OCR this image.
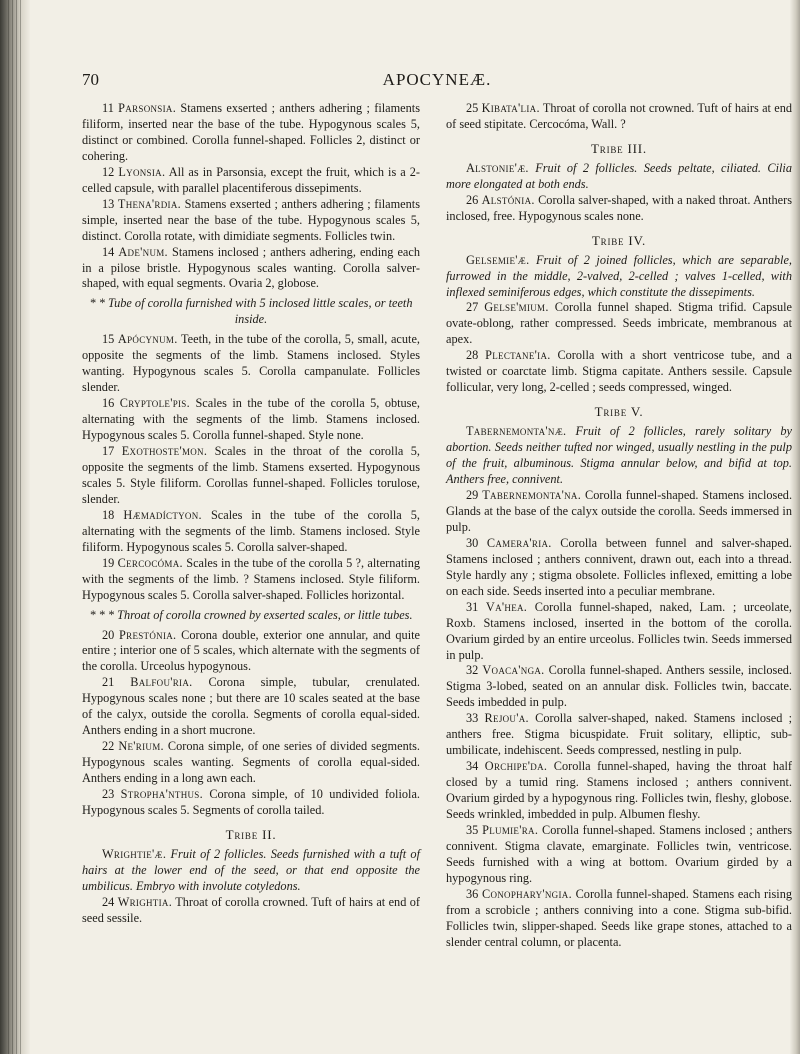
70	APOCYNEÆ.

11 Parsonsia. Stamens exserted ; anthers adhering ; filaments filiform, inserted near the base of the tube. Hypogynous scales 5, distinct or combined. Corolla funnel-shaped. Follicles 2, distinct or cohering.

12 Lyonsia. All as in Parsonsia, except the fruit, which is a 2-celled capsule, with parallel placentiferous dissepiments.

13 Thena'rdia. Stamens exserted ; anthers adhering ; filaments simple, inserted near the base of the tube. Hypogynous scales 5, distinct. Corolla rotate, with dimidiate segments. Follicles twin.

14 Ade'num. Stamens inclosed ; anthers adhering, ending each in a pilose bristle. Hypogynous scales wanting. Corolla salver-shaped, with equal segments. Ovaria 2, globose.

* * Tube of corolla furnished with 5 inclosed little scales, or teeth inside.

15 Apócynum. Teeth, in the tube of the corolla, 5, small, acute, opposite the segments of the limb. Stamens inclosed. Styles wanting. Hypogynous scales 5. Corolla campanulate. Follicles slender.

16 Cryptole'pis. Scales in the tube of the corolla 5, obtuse, alternating with the segments of the limb. Stamens inclosed. Hypogynous scales 5. Corolla funnel-shaped. Style none.

17 Exothoste'mon. Scales in the throat of the corolla 5, opposite the segments of the limb. Stamens exserted. Hypogynous scales 5. Style filiform. Corollas funnel-shaped. Follicles torulose, slender.

18 Hæmadíctyon. Scales in the tube of the corolla 5, alternating with the segments of the limb. Stamens inclosed. Style filiform. Hypogynous scales 5. Corolla salver-shaped.

19 Cercocóma. Scales in the tube of the corolla 5 ?, alternating with the segments of the limb. ? Stamens inclosed. Style filiform. Hypogynous scales 5. Corolla salver-shaped. Follicles horizontal.

* * * Throat of corolla crowned by exserted scales, or little tubes.

20 Prestónia. Corona double, exterior one annular, and quite entire ; interior one of 5 scales, which alternate with the segments of the corolla. Urceolus hypogynous.

21 Balfou'ria. Corona simple, tubular, crenulated. Hypogynous scales none ; but there are 10 scales seated at the base of the calyx, outside the corolla. Segments of corolla equal-sided. Anthers ending in a short mucrone.

22 Ne'rium. Corona simple, of one series of divided segments. Hypogynous scales wanting. Segments of corolla equal-sided. Anthers ending in a long awn each.

23 Stropha'nthus. Corona simple, of 10 undivided foliola. Hypogynous scales 5. Segments of corolla tailed.

Tribe II.

Wrightie'æ. Fruit of 2 follicles. Seeds furnished with a tuft of hairs at the lower end of the seed, or that end opposite the umbilicus. Embryo with involute cotyledons.

24 Wrightia. Throat of corolla crowned. Tuft of hairs at end of seed sessile.

25 Kibata'lia. Throat of corolla not crowned. Tuft of hairs at end of seed stipitate. Cercocóma, Wall. ?

Tribe III.

Alstonie'æ. Fruit of 2 follicles. Seeds peltate, ciliated. Cilia more elongated at both ends.

26 Alstónia. Corolla salver-shaped, with a naked throat. Anthers inclosed, free. Hypogynous scales none.

Tribe IV.

Gelsemie'æ. Fruit of 2 joined follicles, which are separable, furrowed in the middle, 2-valved, 2-celled ; valves 1-celled, with inflexed seminiferous edges, which constitute the dissepiments.

27 Gelse'mium. Corolla funnel shaped. Stigma trifid. Capsule ovate-oblong, rather compressed. Seeds imbricate, membranous at apex.

28 Plectane'ia. Corolla with a short ventricose tube, and a twisted or coarctate limb. Stigma capitate. Anthers sessile. Capsule follicular, very long, 2-celled ; seeds compressed, winged.

Tribe V.

Tabernemonta'næ. Fruit of 2 follicles, rarely solitary by abortion. Seeds neither tufted nor winged, usually nestling in the pulp of the fruit, albuminous. Stigma annular below, and bifid at top. Anthers free, connivent.

29 Tabernemonta'na. Corolla funnel-shaped. Stamens inclosed. Glands at the base of the calyx outside the corolla. Seeds immersed in pulp.

30 Camera'ria. Corolla between funnel and salver-shaped. Stamens inclosed ; anthers connivent, drawn out, each into a thread. Style hardly any ; stigma obsolete. Follicles inflexed, emitting a lobe on each side. Seeds inserted into a peculiar membrane.

31 Va'hea. Corolla funnel-shaped, naked, Lam. ; urceolate, Roxb. Stamens inclosed, inserted in the bottom of the corolla. Ovarium girded by an entire urceolus. Follicles twin. Seeds immersed in pulp.

32 Voaca'nga. Corolla funnel-shaped. Anthers sessile, inclosed. Stigma 3-lobed, seated on an annular disk. Follicles twin, baccate. Seeds imbedded in pulp.

33 Rejou'a. Corolla salver-shaped, naked. Stamens inclosed ; anthers free. Stigma bicuspidate. Fruit solitary, elliptic, sub-umbilicate, indehiscent. Seeds compressed, nestling in pulp.

34 Orchipe'da. Corolla funnel-shaped, having the throat half closed by a tumid ring. Stamens inclosed ; anthers connivent. Ovarium girded by a hypogynous ring. Follicles twin, fleshy, globose. Seeds wrinkled, imbedded in pulp. Albumen fleshy.

35 Plumie'ra. Corolla funnel-shaped. Stamens inclosed ; anthers connivent. Stigma clavate, emarginate. Follicles twin, ventricose. Seeds furnished with a wing at bottom. Ovarium girded by a hypogynous ring.

36 Conophary'ngia. Corolla funnel-shaped. Stamens each rising from a scrobicle ; anthers conniving into a cone. Stigma sub-bifid. Follicles twin, slipper-shaped. Seeds like grape stones, attached to a slender central column, or placenta.
